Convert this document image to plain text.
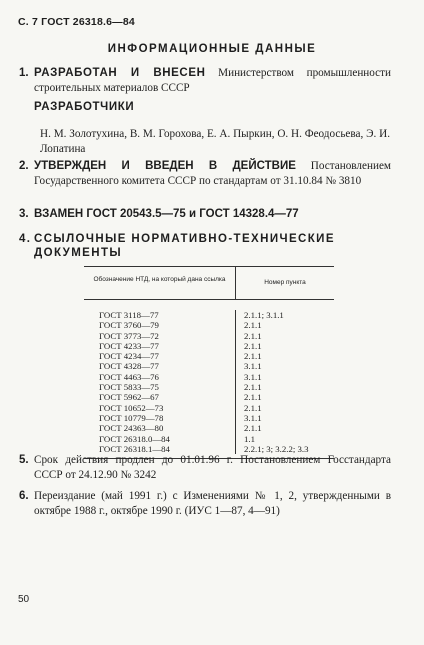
С. 7 ГОСТ 26318.6—84
ИНФОРМАЦИОННЫЕ ДАННЫЕ
1. РАЗРАБОТАН И ВНЕСЕН Министерством промышленности строительных материалов СССР
РАЗРАБОТЧИКИ
Н. М. Золотухина, В. М. Горохова, Е. А. Пыркин, О. Н. Феодосьева, Э. И. Лопатина
2. УТВЕРЖДЕН И ВВЕДЕН В ДЕЙСТВИЕ Постановлением Государственного комитета СССР по стандартам от 31.10.84 № 3810
3. ВЗАМЕН ГОСТ 20543.5—75 и ГОСТ 14328.4—77
4. ССЫЛОЧНЫЕ НОРМАТИВНО-ТЕХНИЧЕСКИЕ ДОКУМЕНТЫ
Обозначение НТД, на который дана ссылка	Номер пункта
ГОСТ 3118—77
ГОСТ 3760—79
ГОСТ 3773—72
ГОСТ 4233—77
ГОСТ 4234—77
ГОСТ 4328—77
ГОСТ 4463—76
ГОСТ 5833—75
ГОСТ 5962—67
ГОСТ 10652—73
ГОСТ 10779—78
ГОСТ 24363—80
ГОСТ 26318.0—84
ГОСТ 26318.1—84
2.1.1; 3.1.1
2.1.1
2.1.1
2.1.1
2.1.1
3.1.1
3.1.1
2.1.1
2.1.1
2.1.1
3.1.1
2.1.1
1.1
2.2.1; 3; 3.2.2; 3.3
5. Срок действия продлен до 01.01.96 г. Постановлением Госстандарта СССР от 24.12.90 № 3242
6. Переиздание (май 1991 г.) с Изменениями № 1, 2, утвержденными в октябре 1988 г., октябре 1990 г. (ИУС 1—87, 4—91)
50
